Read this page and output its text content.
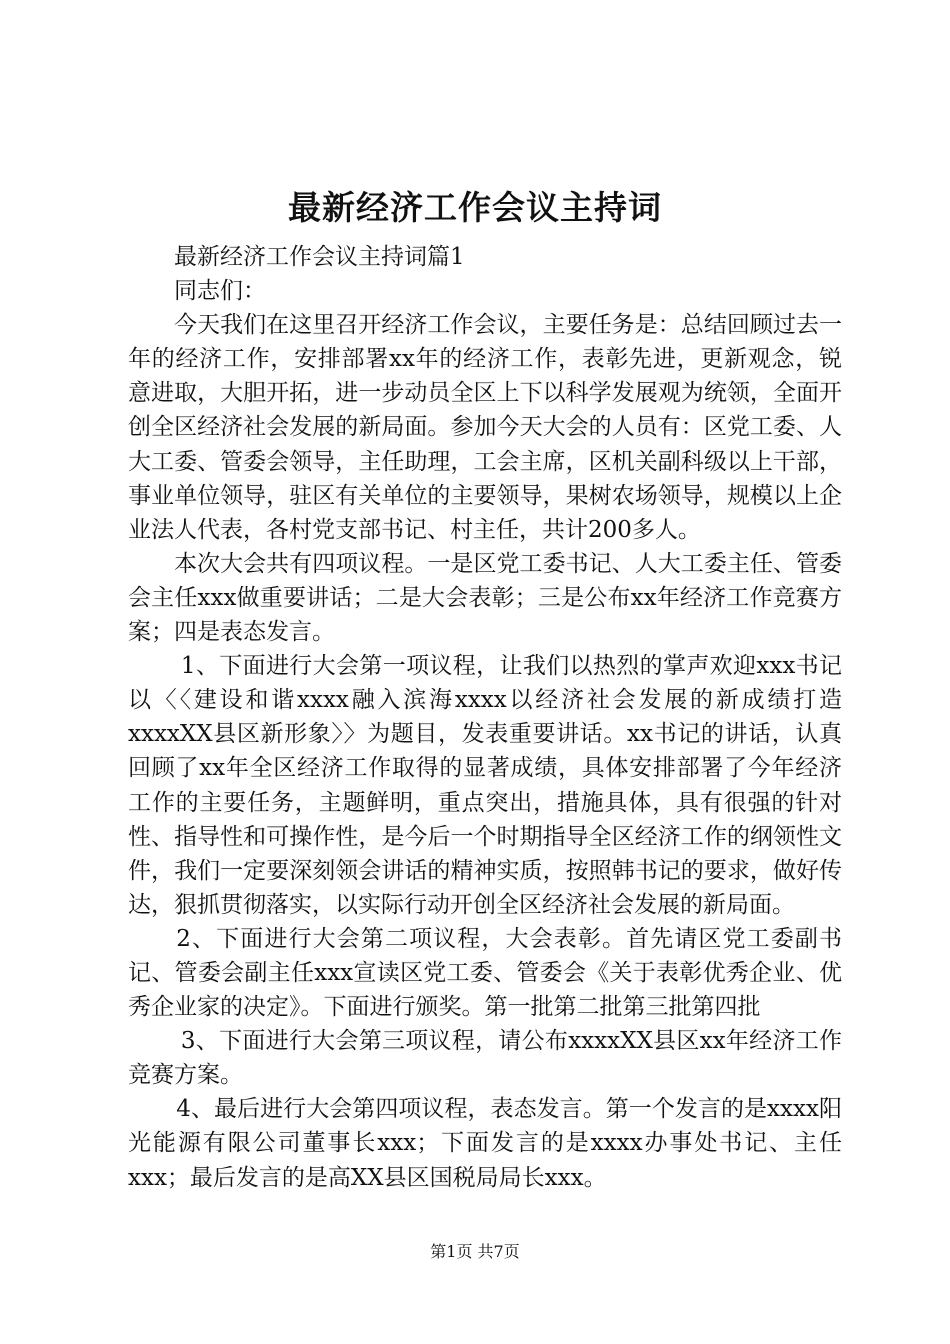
最新经济工作会议主持词

最新经济工作会议主持词篇1

同志们：

今天我们在这里召开经济工作会议，主要任务是：总结回顾过去一年的经济工作，安排部署xx年的经济工作，表彰先进，更新观念，锐意进取，大胆开拓，进一步动员全区上下以科学发展观为统领，全面开创全区经济社会发展的新局面。参加今天大会的人员有：区党工委、人大工委、管委会领导，主任助理，工会主席，区机关副科级以上干部，事业单位领导，驻区有关单位的主要领导，果树农场领导，规模以上企业法人代表，各村党支部书记、村主任，共计200多人。

本次大会共有四项议程。一是区党工委书记、人大工委主任、管委会主任xxx做重要讲话；二是大会表彰；三是公布xx年经济工作竞赛方案；四是表态发言。

1、下面进行大会第一项议程，让我们以热烈的掌声欢迎xxx书记以〈〈建设和谐xxxx融入滨海xxxx以经济社会发展的新成绩打造xxxxXX县区新形象〉〉为题目，发表重要讲话。xx书记的讲话，认真回顾了xx年全区经济工作取得的显著成绩，具体安排部署了今年经济工作的主要任务，主题鲜明，重点突出，措施具体，具有很强的针对性、指导性和可操作性，是今后一个时期指导全区经济工作的纲领性文件，我们一定要深刻领会讲话的精神实质，按照韩书记的要求，做好传达，狠抓贯彻落实，以实际行动开创全区经济社会发展的新局面。

2、下面进行大会第二项议程，大会表彰。首先请区党工委副书记、管委会副主任xxx宣读区党工委、管委会《关于表彰优秀企业、优秀企业家的决定》。下面进行颁奖。第一批第二批第三批第四批

3、下面进行大会第三项议程，请公布xxxxXX县区xx年经济工作竞赛方案。

4、最后进行大会第四项议程，表态发言。第一个发言的是xxxx阳光能源有限公司董事长xxx；下面发言的是xxxx办事处书记、主任xxx；最后发言的是高XX县区国税局局长xxx。

第1页 共7页
